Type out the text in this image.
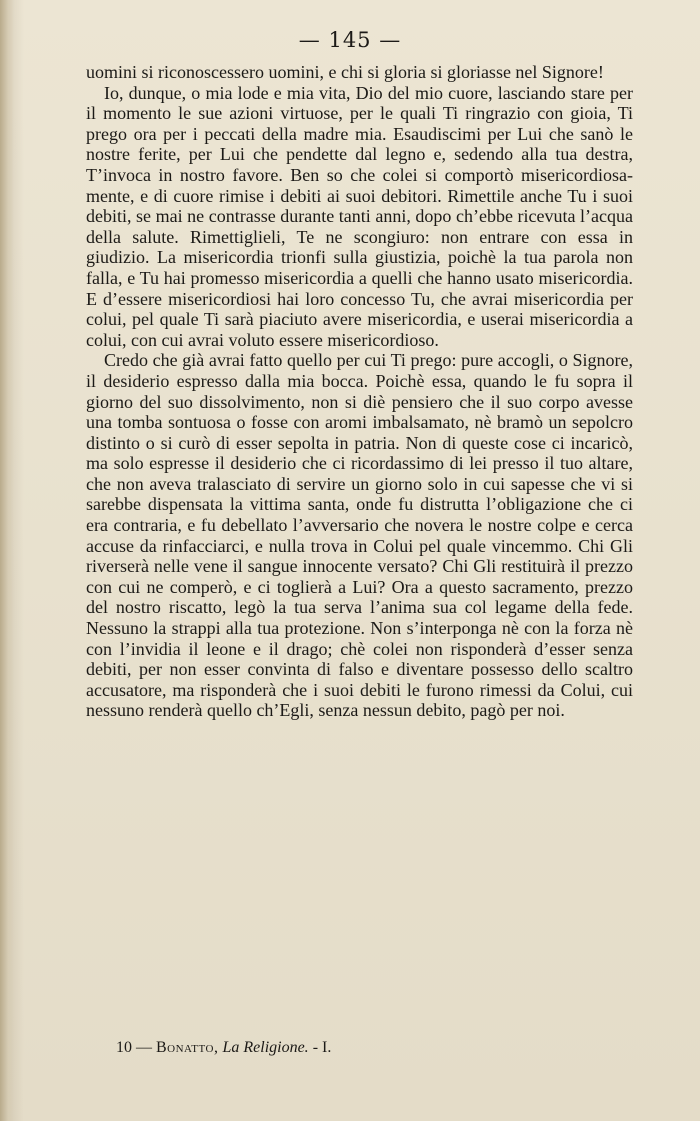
— 145 —

uomini si riconoscessero uomini, e chi si gloria si gloriasse nel Signore!

Io, dunque, o mia lode e mia vita, Dio del mio cuore, lasciando stare per il momento le sue azioni virtuose, per le quali Ti ringrazio con gioia, Ti prego ora per i peccati della madre mia. Esaudiscimi per Lui che sanò le nostre ferite, per Lui che pendette dal legno e, sedendo alla tua destra, T’invoca in nostro favore. Ben so che colei si comportò misericordiosamente, e di cuore rimise i debiti ai suoi debitori. Rimettile anche Tu i suoi debiti, se mai ne contrasse durante tanti anni, dopo ch’ebbe ricevuta l’acqua della salute. Rimettiglieli, Te ne scongiuro: non entrare con essa in giudizio. La misericordia trionfi sulla giustizia, poichè la tua parola non falla, e Tu hai promesso misericordia a quelli che hanno usato misericordia. E d’essere misericordiosi hai loro concesso Tu, che avrai misericordia per colui, pel quale Ti sarà piaciuto avere misericordia, e userai misericordia a colui, con cui avrai voluto essere misericordioso.

Credo che già avrai fatto quello per cui Ti prego: pure accogli, o Signore, il desiderio espresso dalla mia bocca. Poichè essa, quando le fu sopra il giorno del suo dissolvimento, non si diè pensiero che il suo corpo avesse una tomba sontuosa o fosse con aromi imbalsamato, nè bramò un sepolcro distinto o si curò di esser sepolta in patria. Non di queste cose ci incaricò, ma solo espresse il desiderio che ci ricordassimo di lei presso il tuo altare, che non aveva tralasciato di servire un giorno solo in cui sapesse che vi si sarebbe dispensata la vittima santa, onde fu distrutta l’obligazione che ci era contraria, e fu debellato l’avversario che novera le nostre colpe e cerca accuse da rinfacciarci, e nulla trova in Colui pel quale vincemmo. Chi Gli riverserà nelle vene il sangue innocente versato? Chi Gli restituirà il prezzo con cui ne comperò, e ci toglierà a Lui? Ora a questo sacramento, prezzo del nostro riscatto, legò la tua serva l’anima sua col legame della fede. Nessuno la strappi alla tua protezione. Non s’interponga nè con la forza nè con l’invidia il leone e il drago; chè colei non risponderà d’esser senza debiti, per non esser convinta di falso e diventare possesso dello scaltro accusatore, ma risponderà che i suoi debiti le furono rimessi da Colui, cui nessuno renderà quello ch’Egli, senza nessun debito, pagò per noi.

10 — Bonatto, La Religione. - I.
